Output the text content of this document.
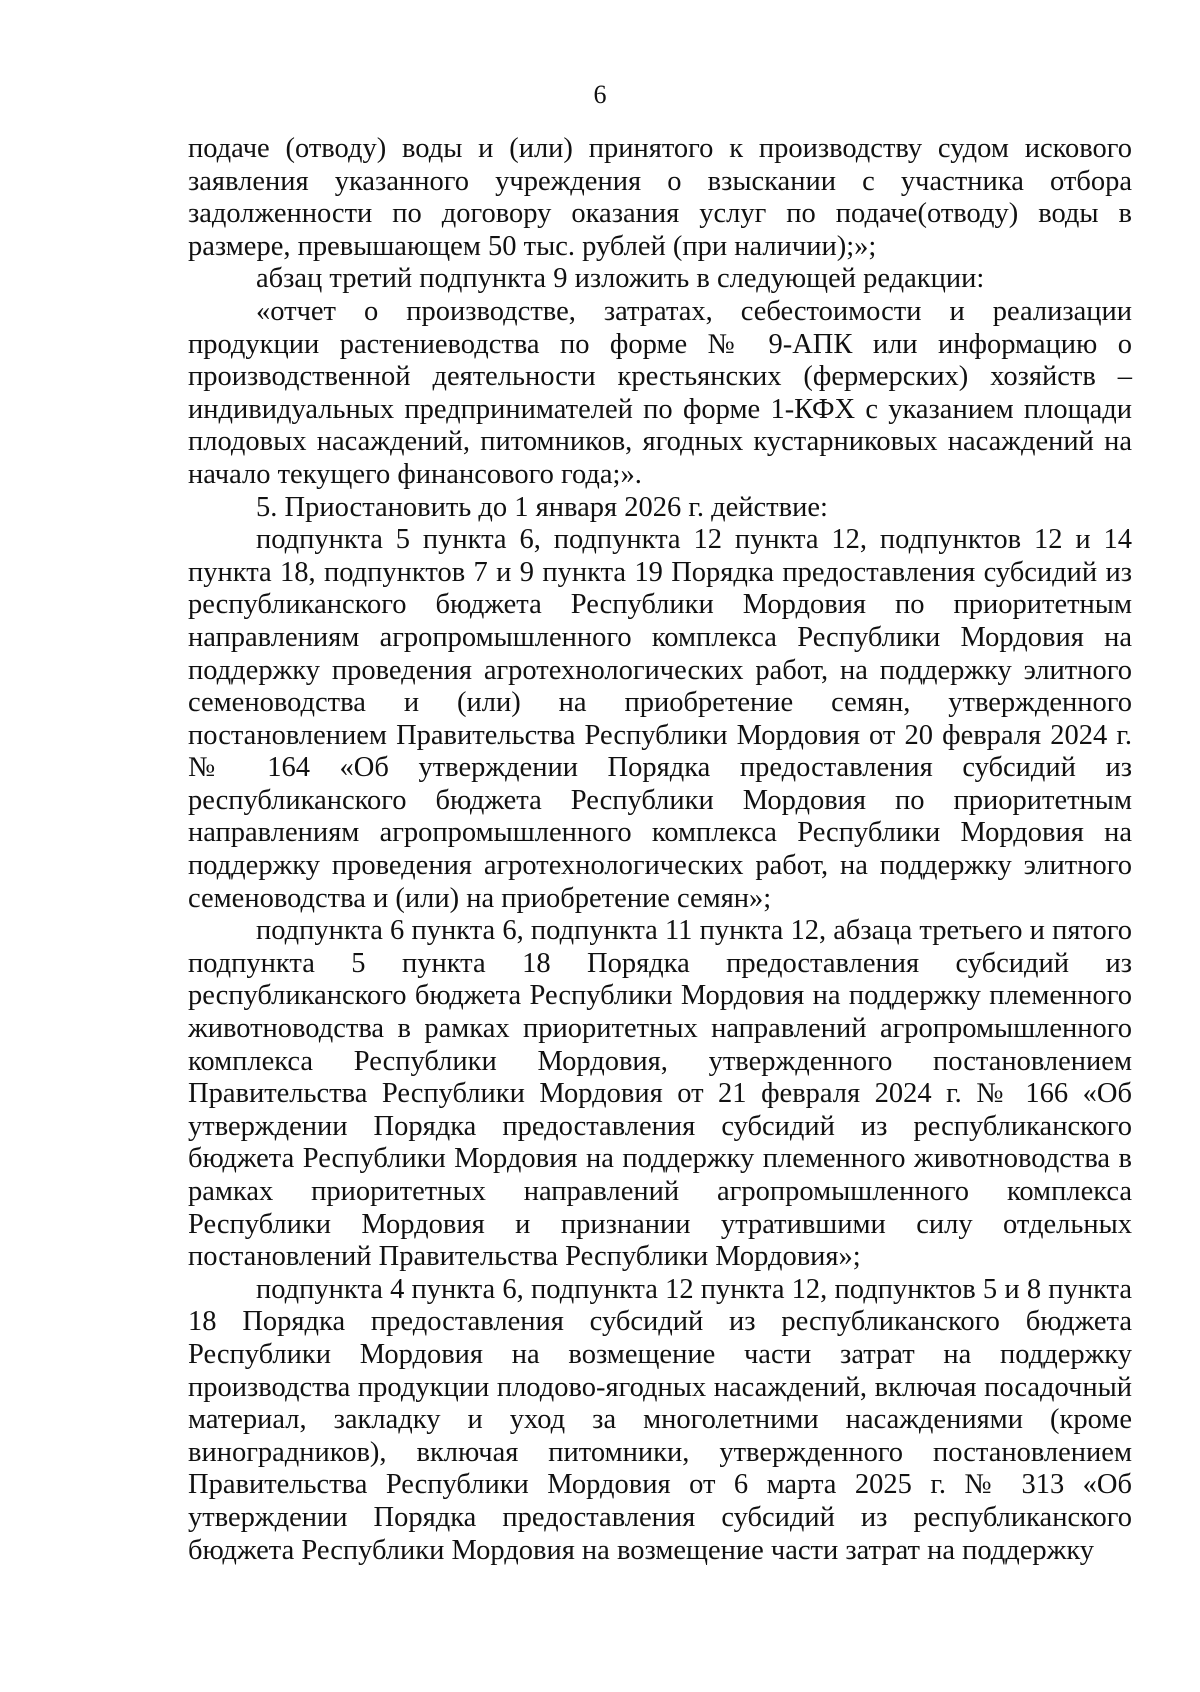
6

подаче (отводу) воды и (или) принятого к производству судом искового заявления указанного учреждения о взыскании с участника отбора задолженности по договору оказания услуг по подаче(отводу) воды в размере, превышающем 50 тыс. рублей (при наличии);»;

абзац третий подпункта 9 изложить в следующей редакции:

«отчет о производстве, затратах, себестоимости и реализации продукции растениеводства по форме № 9-АПК или информацию о производственной деятельности крестьянских (фермерских) хозяйств – индивидуальных предпринимателей по форме 1-КФХ с указанием площади плодовых насаждений, питомников, ягодных кустарниковых насаждений на начало текущего финансового года;».

5. Приостановить до 1 января 2026 г. действие:

подпункта 5 пункта 6, подпункта 12 пункта 12, подпунктов 12 и 14 пункта 18, подпунктов 7 и 9 пункта 19 Порядка предоставления субсидий из республиканского бюджета Республики Мордовия по приоритетным направлениям агропромышленного комплекса Республики Мордовия на поддержку проведения агротехнологических работ, на поддержку элитного семеноводства и (или) на приобретение семян, утвержденного постановлением Правительства Республики Мордовия от 20 февраля 2024 г. № 164 «Об утверждении Порядка предоставления субсидий из республиканского бюджета Республики Мордовия по приоритетным направлениям агропромышленного комплекса Республики Мордовия на поддержку проведения агротехнологических работ, на поддержку элитного семеноводства и (или) на приобретение семян»;

подпункта 6 пункта 6, подпункта 11 пункта 12, абзаца третьего и пятого подпункта 5 пункта 18 Порядка предоставления субсидий из республиканского бюджета Республики Мордовия на поддержку племенного животноводства в рамках приоритетных направлений агропромышленного комплекса Республики Мордовия, утвержденного постановлением Правительства Республики Мордовия от 21 февраля 2024 г. № 166 «Об утверждении Порядка предоставления субсидий из республиканского бюджета Республики Мордовия на поддержку племенного животноводства в рамках приоритетных направлений агропромышленного комплекса Республики Мордовия и признании утратившими силу отдельных постановлений Правительства Республики Мордовия»;

подпункта 4 пункта 6, подпункта 12 пункта 12, подпунктов 5 и 8 пункта 18 Порядка предоставления субсидий из республиканского бюджета Республики Мордовия на возмещение части затрат на поддержку производства продукции плодово-ягодных насаждений, включая посадочный материал, закладку и уход за многолетними насаждениями (кроме виноградников), включая питомники, утвержденного постановлением Правительства Республики Мордовия от 6 марта 2025 г. № 313 «Об утверждении Порядка предоставления субсидий из республиканского бюджета Республики Мордовия на возмещение части затрат на поддержку
